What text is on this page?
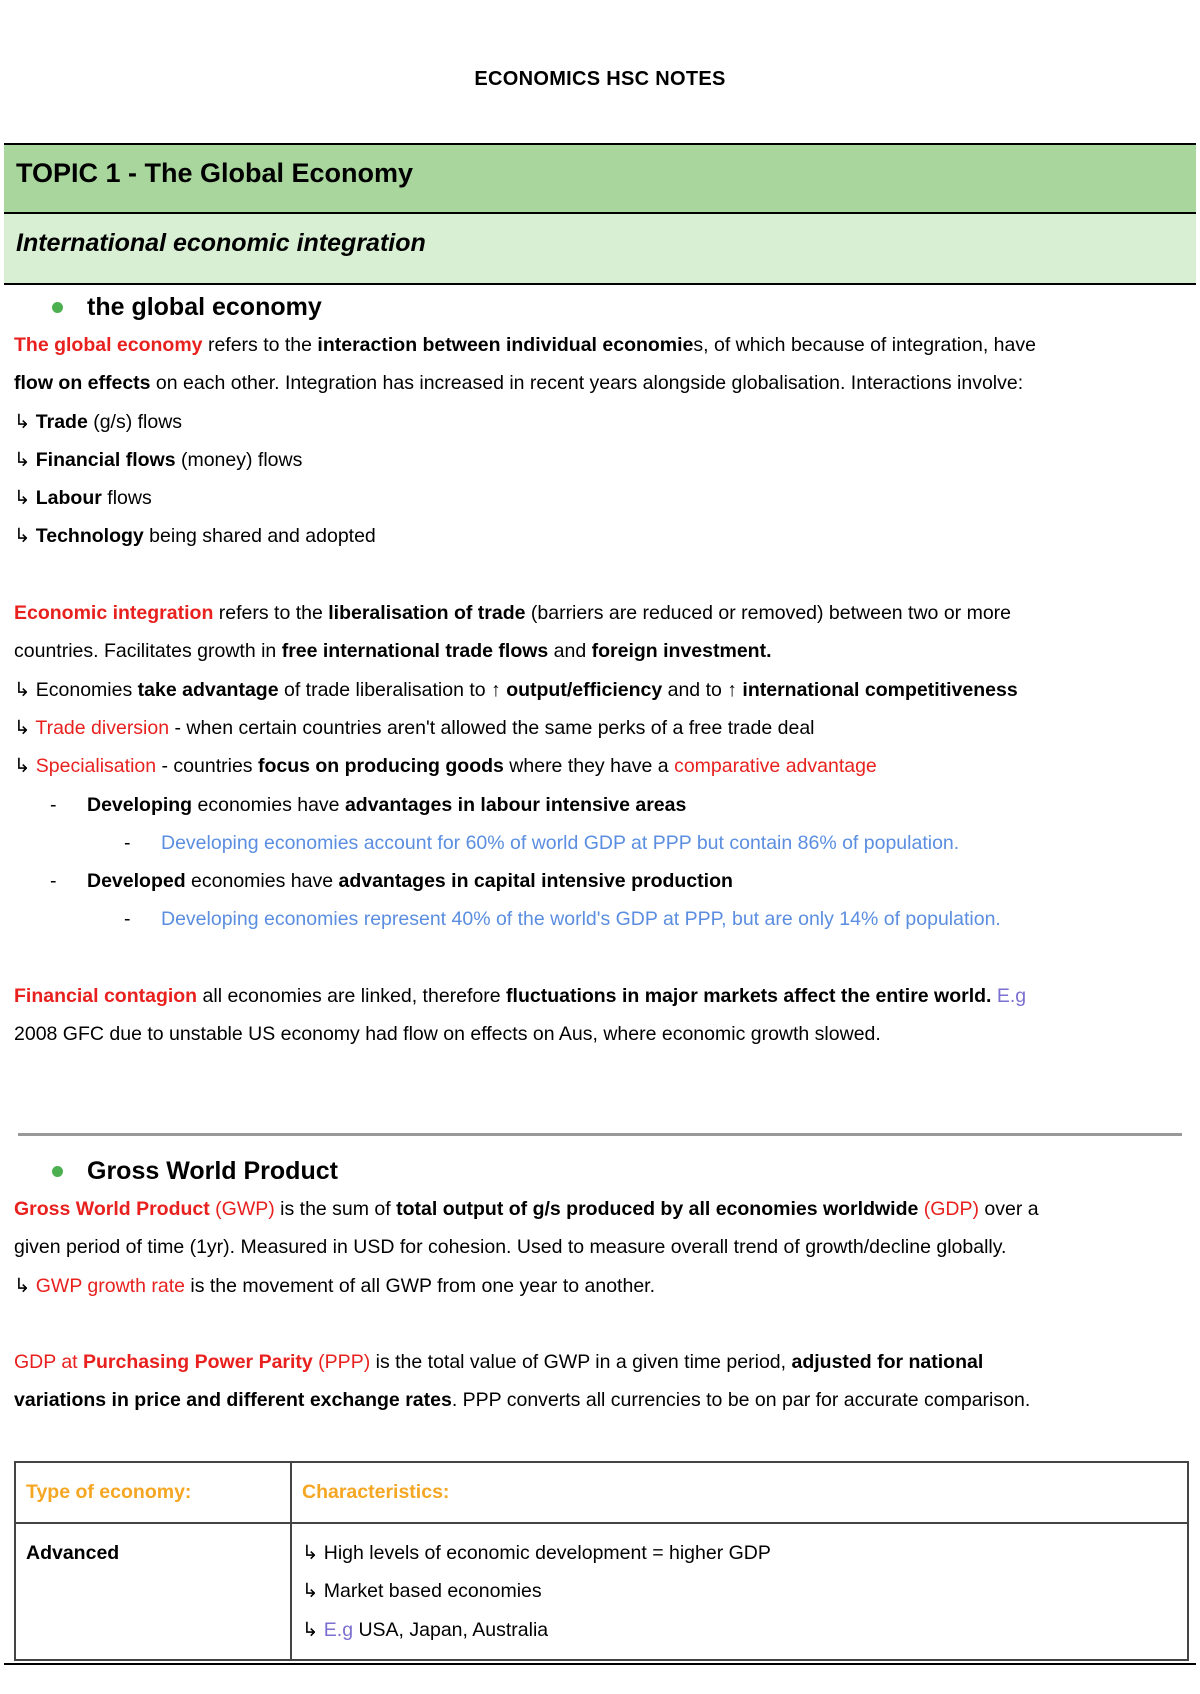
ECONOMICS HSC NOTES
TOPIC 1 - The Global Economy
International economic integration
the global economy
The global economy refers to the interaction between individual economies, of which because of integration, have
flow on effects on each other. Integration has increased in recent years alongside globalisation. Interactions involve:
↳ Trade (g/s) flows
↳ Financial flows (money) flows
↳ Labour flows
↳ Technology being shared and adopted
Economic integration refers to the liberalisation of trade (barriers are reduced or removed) between two or more
countries. Facilitates growth in free international trade flows and foreign investment.
↳ Economies take advantage of trade liberalisation to ↑ output/efficiency and to ↑ international competitiveness
↳ Trade diversion - when certain countries aren't allowed the same perks of a free trade deal
↳ Specialisation - countries focus on producing goods where they have a comparative advantage
- Developing economies have advantages in labour intensive areas
- Developing economies account for 60% of world GDP at PPP but contain 86% of population.
- Developed economies have advantages in capital intensive production
- Developing economies represent 40% of the world's GDP at PPP, but are only 14% of population.
Financial contagion all economies are linked, therefore fluctuations in major markets affect the entire world. E.g
2008 GFC due to unstable US economy had flow on effects on Aus, where economic growth slowed.
Gross World Product
Gross World Product (GWP) is the sum of total output of g/s produced by all economies worldwide (GDP) over a
given period of time (1yr). Measured in USD for cohesion. Used to measure overall trend of growth/decline globally.
↳ GWP growth rate is the movement of all GWP from one year to another.
GDP at Purchasing Power Parity (PPP) is the total value of GWP in a given time period, adjusted for national
variations in price and different exchange rates. PPP converts all currencies to be on par for accurate comparison.
Type of economy:	Characteristics:
Advanced	↳ High levels of economic development = higher GDP
↳ Market based economies
↳ E.g USA, Japan, Australia
